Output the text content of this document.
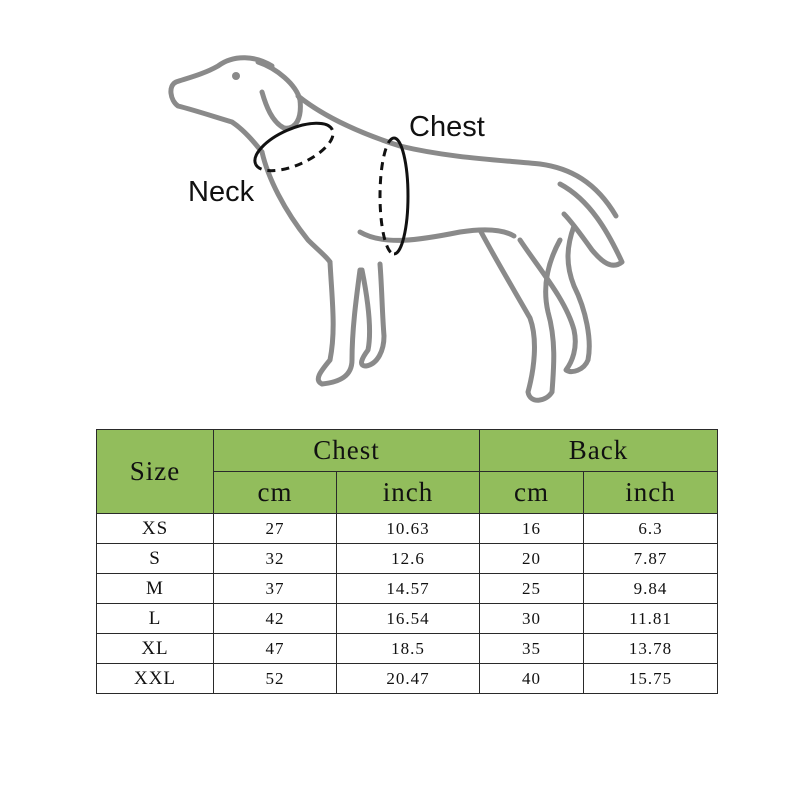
Neck
Chest
Size	Chest		Back	
	cm	inch	cm	inch
XS	27	10.63	16	6.3
S	32	12.6	20	7.87
M	37	14.57	25	9.84
L	42	16.54	30	11.81
XL	47	18.5	35	13.78
XXL	52	20.47	40	15.75
